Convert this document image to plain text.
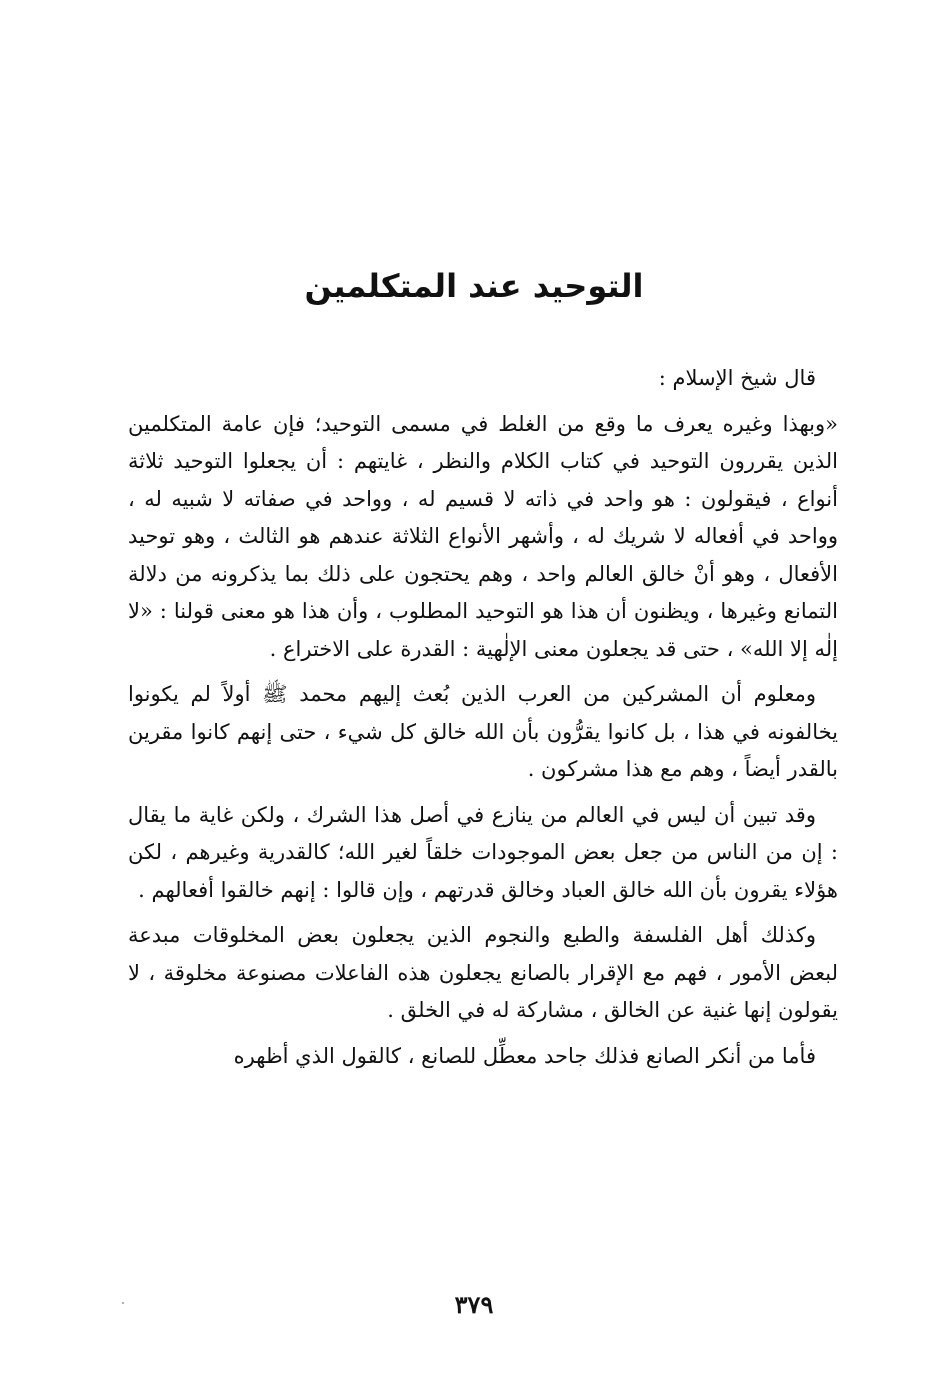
التوحيد عند المتكلمين

قال شيخ الإسلام :

«وبهذا وغيره يعرف ما وقع من الغلط في مسمى التوحيد؛ فإن عامة المتكلمين الذين يقررون التوحيد في كتاب الكلام والنظر ، غايتهم : أن يجعلوا التوحيد ثلاثة أنواع ، فيقولون : هو واحد في ذاته لا قسيم له ، وواحد في صفاته لا شبيه له ، وواحد في أفعاله لا شريك له ، وأشهر الأنواع الثلاثة عندهم هو الثالث ، وهو توحيد الأفعال ، وهو أنْ خالق العالم واحد ، وهم يحتجون على ذلك بما يذكرونه من دلالة التمانع وغيرها ، ويظنون أن هذا هو التوحيد المطلوب ، وأن هذا هو معنى قولنا : «لا إلٰه إلا الله» ، حتى قد يجعلون معنى الإلٰهية : القدرة على الاختراع .

ومعلوم أن المشركين من العرب الذين بُعث إليهم محمد ﷺ أولاً لم يكونوا يخالفونه في هذا ، بل كانوا يقرُّون بأن الله خالق كل شيء ، حتى إنهم كانوا مقرين بالقدر أيضاً ، وهم مع هذا مشركون .

وقد تبين أن ليس في العالم من ينازع في أصل هذا الشرك ، ولكن غاية ما يقال : إن من الناس من جعل بعض الموجودات خلقاً لغير الله؛ كالقدرية وغيرهم ، لكن هؤلاء يقرون بأن الله خالق العباد وخالق قدرتهم ، وإن قالوا : إنهم خالقوا أفعالهم .

وكذلك أهل الفلسفة والطبع والنجوم الذين يجعلون بعض المخلوقات مبدعة لبعض الأمور ، فهم مع الإقرار بالصانع يجعلون هذه الفاعلات مصنوعة مخلوقة ، لا يقولون إنها غنية عن الخالق ، مشاركة له في الخلق .

فأما من أنكر الصانع فذلك جاحد معطِّل للصانع ، كالقول الذي أظهره

٣٧٩
